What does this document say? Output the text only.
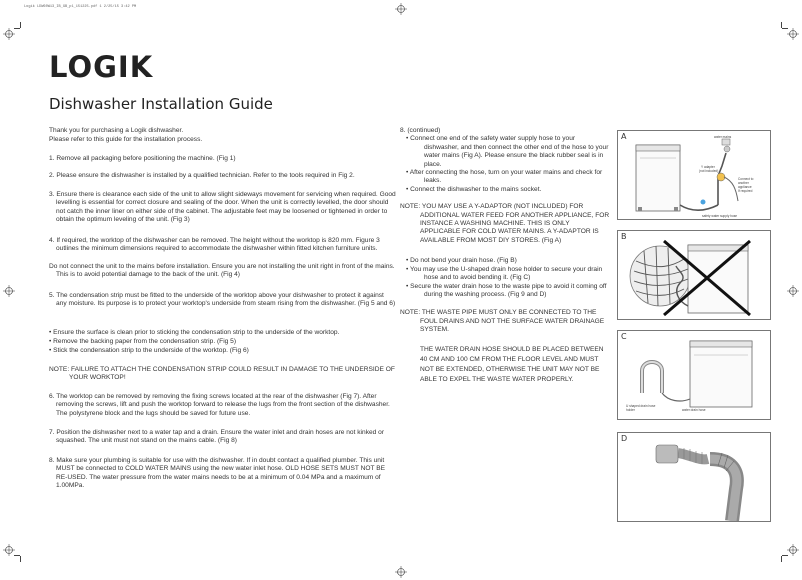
Logik LDW60W13_IB_GB_p1_151225.pdf 1 2/25/15 3:42 PM
LOGIK
Dishwasher Installation Guide

Thank you for purchasing a Logik dishwasher.

Please refer to this guide for the installation process.

1. Remove all packaging before positioning the machine. (Fig 1)

2. Please ensure the dishwasher is installed by a qualified technician. Refer to the tools required in Fig 2.

3. Ensure there is clearance each side of the unit to allow slight sideways movement for servicing when required. Good levelling is essential for correct closure and sealing of the door. When the unit is correctly levelled, the door should not catch the inner liner on either side of the cabinet. The adjustable feet may be loosened or tightened in order to obtain the optimum leveling of the unit. (Fig 3)

4. If required, the worktop of the dishwasher can be removed. The height without the worktop is 820 mm. Figure 3 outlines the minimum dimensions required to accommodate the dishwasher within fitted kitchen furniture units.

Do not connect the unit to the mains before installation. Ensure you are not installing the unit right in front of the mains. This is to avoid potential damage to the back of the unit. (Fig 4)

5. The condensation strip must be fitted to the underside of the worktop above your dishwasher to protect it against any moisture. Its purpose is to protect your worktop's underside from steam rising from the dishwasher. (Fig 5 and 6)

• Ensure the surface is clean prior to sticking the condensation strip to the underside of the worktop.

• Remove the backing paper from the condensation strip. (Fig 5)

• Stick the condensation strip to the underside of the worktop. (Fig 6)

NOTE: FAILURE TO ATTACH THE CONDENSATION STRIP COULD RESULT IN DAMAGE TO THE UNDERSIDE OF YOUR WORKTOP!

6. The worktop can be removed by removing the fixing screws located at the rear of the dishwasher (Fig 7). After removing the screws, lift and push the worktop forward to release the lugs from the front section of the dishwasher. The polystyrene block and the lugs should be saved for future use.

7. Position the dishwasher next to a water tap and a drain. Ensure the water inlet and drain hoses are not kinked or squashed. The unit must not stand on the mains cable. (Fig 8)

8. Make sure your plumbing is suitable for use with the dishwasher. If in doubt contact a qualified plumber. This unit MUST be connected to COLD WATER MAINS using the new water inlet hose. OLD HOSE SETS MUST NOT BE RE-USED. The water pressure from the water mains needs to be at a minimum of 0.04 MPa and a maximum of 1.00MPa.

8. (continued)

• Connect one end of the safety water supply hose to your dishwasher, and then connect the other end of the hose to your water mains (Fig A). Please ensure the black rubber seal is in place.

• After connecting the hose, turn on your water mains and check for leaks.

• Connect the dishwasher to the mains socket.

NOTE: YOU MAY USE A Y-ADAPTOR (NOT INCLUDED) FOR ADDITIONAL WATER FEED FOR ANOTHER APPLIANCE, FOR INSTANCE A WASHING MACHINE. THIS IS ONLY APPLICABLE FOR COLD WATER MAINS. A Y-ADAPTOR IS AVAILABLE FROM MOST DIY STORES. (Fig A)

• Do not bend your drain hose. (Fig B)

• You may use the U-shaped drain hose holder to secure your drain hose and to avoid bending it. (Fig C)

• Secure the water drain hose to the waste pipe to avoid it coming off during the washing process. (Fig 9 and D)

NOTE: THE WASTE PIPE MUST ONLY BE CONNECTED TO THE FOUL DRAINS AND NOT THE SURFACE WATER DRAINAGE SYSTEM.

THE WATER DRAIN HOSE SHOULD BE PLACED BETWEEN 40 CM AND 100 CM FROM THE FLOOR LEVEL AND MUST NOT BE EXTENDED, OTHERWISE THE UNIT MAY NOT BE ABLE TO EXPEL THE WASTE WATER PROPERLY.

water mains
Y adapter
(not included)
Connect to
another
appliance
If required
safety water supply hose
A
B
U shaped drain hose
holder	water drain hose
C
D
